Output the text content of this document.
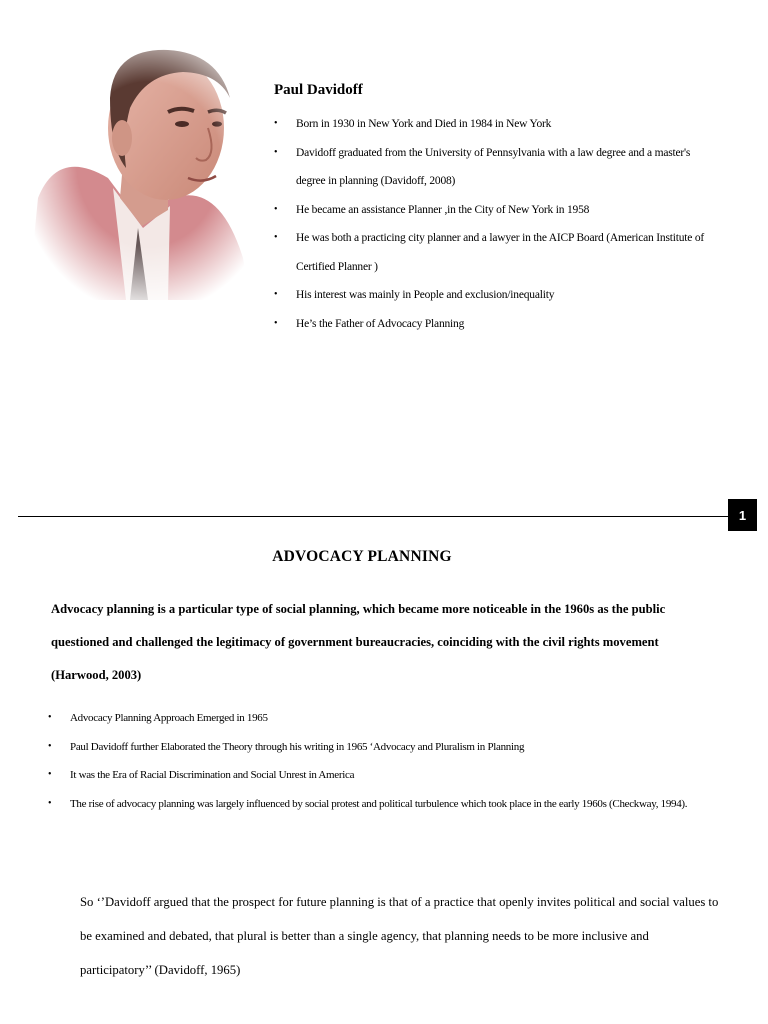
Paul Davidoff
• Born in 1930 in New York and Died in 1984 in New York
• Davidoff graduated from the University of Pennsylvania with a law degree and a master's degree in planning (Davidoff, 2008)
• He became an assistance Planner ,in the City of New York in 1958
• He was both a practicing city planner and a lawyer in the AICP Board (American Institute of Certified Planner )
• His interest was mainly in People and exclusion/inequality
• He’s the Father of Advocacy Planning
1
ADVOCACY PLANNING

Advocacy planning is a particular type of social planning, which became more noticeable in the 1960s as the public questioned and challenged the legitimacy of government bureaucracies, coinciding with the civil rights movement (Harwood, 2003)

• Advocacy Planning Approach Emerged in 1965
• Paul Davidoff further Elaborated the Theory through his writing in 1965 ‘Advocacy and Pluralism in Planning
• It was the Era of Racial Discrimination and Social Unrest in America
• The rise of advocacy planning was largely influenced by social protest and political turbulence which took place in the early 1960s (Checkway, 1994).

So ‘’Davidoff argued that the prospect for future planning is that of a practice that openly invites political and social values to be examined and debated, that plural is better than a single agency, that planning needs to be more inclusive and participatory’’ (Davidoff, 1965)
